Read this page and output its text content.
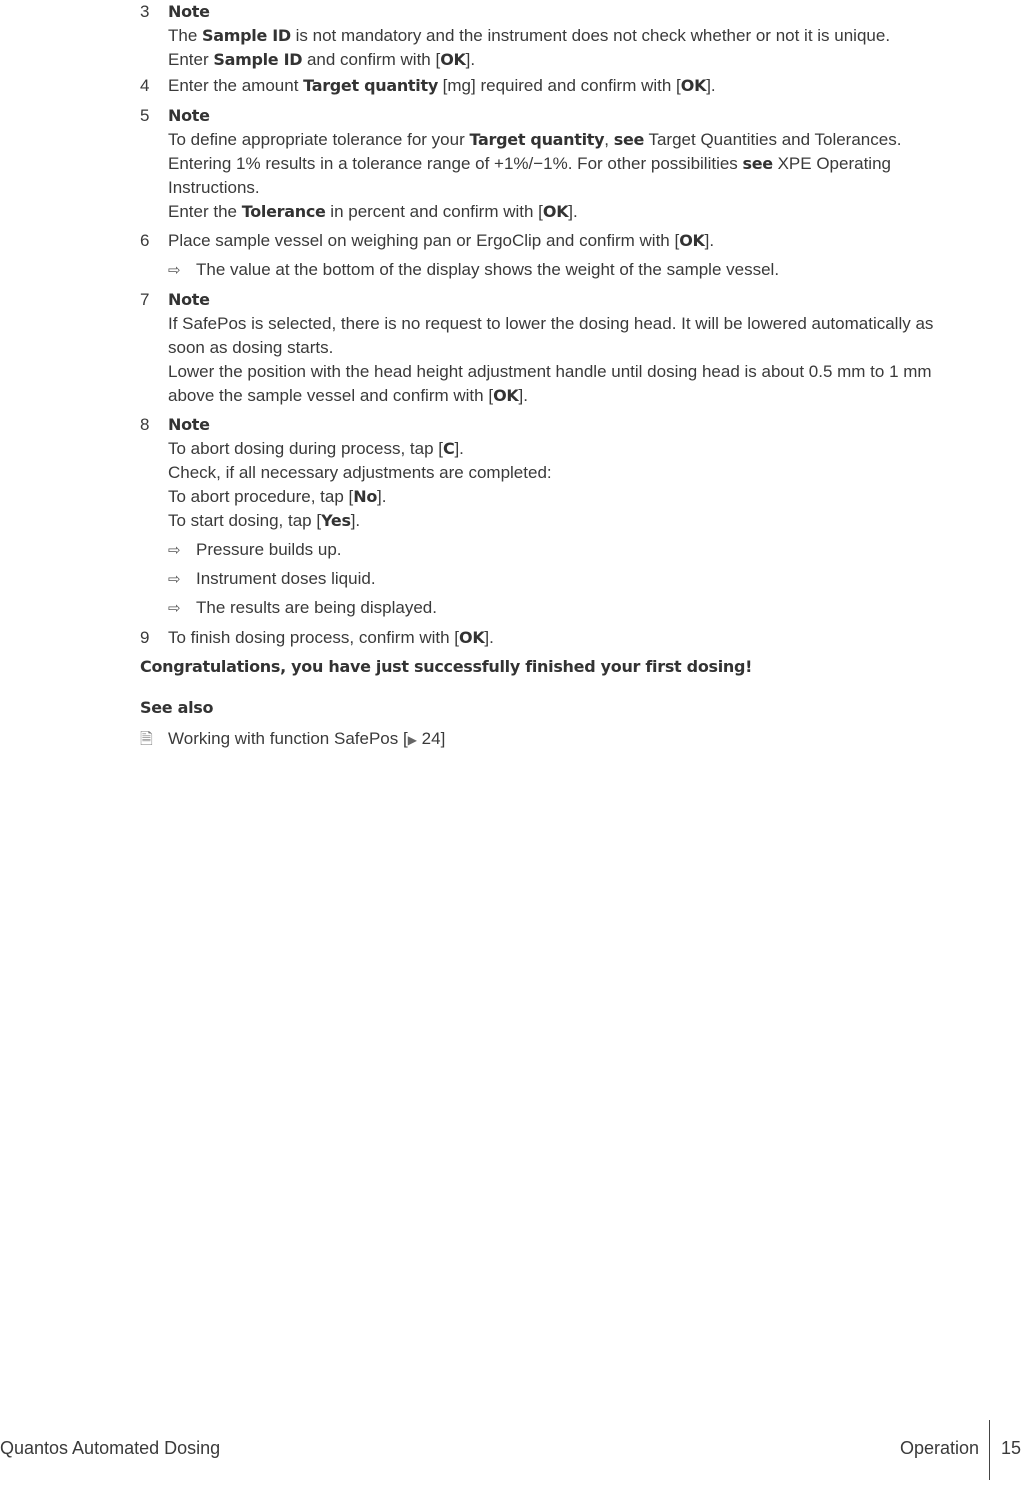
3	Note
The Sample ID is not mandatory and the instrument does not check whether or not it is unique.
Enter Sample ID and confirm with [OK].
4	Enter the amount Target quantity [mg] required and confirm with [OK].
5	Note
To define appropriate tolerance for your Target quantity, see Target Quantities and Tolerances.
Entering 1% results in a tolerance range of +1%/−1%. For other possibilities see XPE Operating
Instructions.
Enter the Tolerance in percent and confirm with [OK].
6	Place sample vessel on weighing pan or ErgoClip and confirm with [OK].
⇨ The value at the bottom of the display shows the weight of the sample vessel.
7	Note
If SafePos is selected, there is no request to lower the dosing head. It will be lowered automatically as
soon as dosing starts.
Lower the position with the head height adjustment handle until dosing head is about 0.5 mm to 1 mm
above the sample vessel and confirm with [OK].
8	Note
To abort dosing during process, tap [C].
Check, if all necessary adjustments are completed:
To abort procedure, tap [No].
To start dosing, tap [Yes].
⇨ Pressure builds up.
⇨ Instrument doses liquid.
⇨ The results are being displayed.
9	To finish dosing process, confirm with [OK].
Congratulations, you have just successfully finished your first dosing!
See also
🗎 Working with function SafePos [▶ 24]
Quantos Automated Dosing	Operation 15
